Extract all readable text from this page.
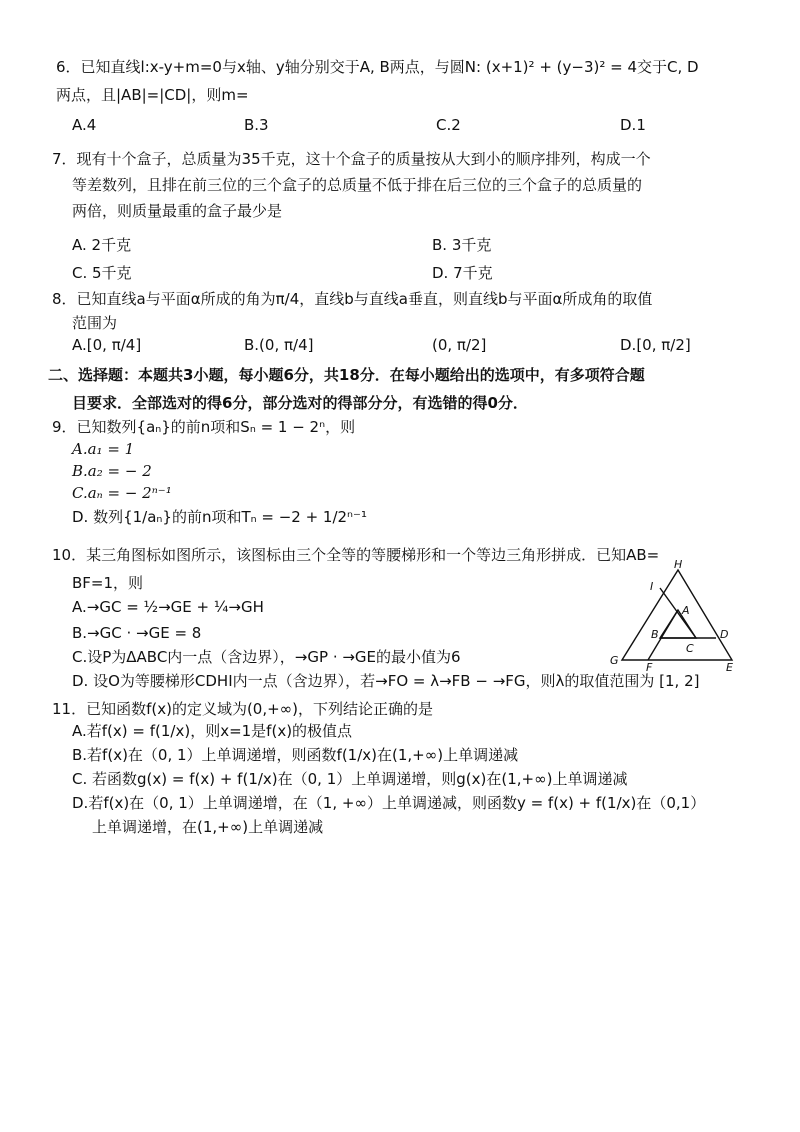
6．已知直线l:x-y+m=0与x轴、y轴分别交于A, B两点，与圆N: (x+1)² + (y−3)² = 4交于C, D
两点，且|AB|=|CD|，则m=
A.4	B.3	C.2	D.1
7．现有十个盒子，总质量为35千克，这十个盒子的质量按从大到小的顺序排列，构成一个
等差数列，且排在前三位的三个盒子的总质量不低于排在后三位的三个盒子的总质量的
两倍，则质量最重的盒子最少是
A. 2千克	B. 3千克
C. 5千克	D. 7千克
8．已知直线a与平面α所成的角为π/4，直线b与直线a垂直，则直线b与平面α所成角的取值
范围为
A.[0, π/4]	B.(0, π/4]	(0, π/2]	D.[0, π/2]
二、选择题：本题共3小题，每小题6分，共18分．在每小题给出的选项中，有多项符合题
目要求．全部选对的得6分，部分选对的得部分分，有选错的得0分．
9．已知数列{aₙ}的前n项和Sₙ = 1 − 2ⁿ，则
A.a₁ = 1
B.a₂ = − 2
C.aₙ = − 2ⁿ⁻¹
D. 数列{1/aₙ}的前n项和Tₙ = −2 + 1/2ⁿ⁻¹
10．某三角图标如图所示，该图标由三个全等的等腰梯形和一个等边三角形拼成．已知AB=
BF=1，则
A.→GC = ½→GE + ¼→GH
B.→GC · →GE = 8
C.设P为ΔABC内一点（含边界），→GP · →GE的最小值为6
D. 设O为等腰梯形CDHI内一点（含边界），若→FO = λ→FB − →FG，则λ的取值范围为 [1, 2]
H
I
A
B	D
C
G
F	E
11．已知函数f(x)的定义域为(0,+∞)，下列结论正确的是
A.若f(x) = f(1/x)，则x=1是f(x)的极值点
B.若f(x)在（0, 1）上单调递增，则函数f(1/x)在(1,+∞)上单调递减
C. 若函数g(x) = f(x) + f(1/x)在（0, 1）上单调递增，则g(x)在(1,+∞)上单调递减
D.若f(x)在（0, 1）上单调递增，在（1, +∞）上单调递减，则函数y = f(x) + f(1/x)在（0,1）
上单调递增，在(1,+∞)上单调递减
